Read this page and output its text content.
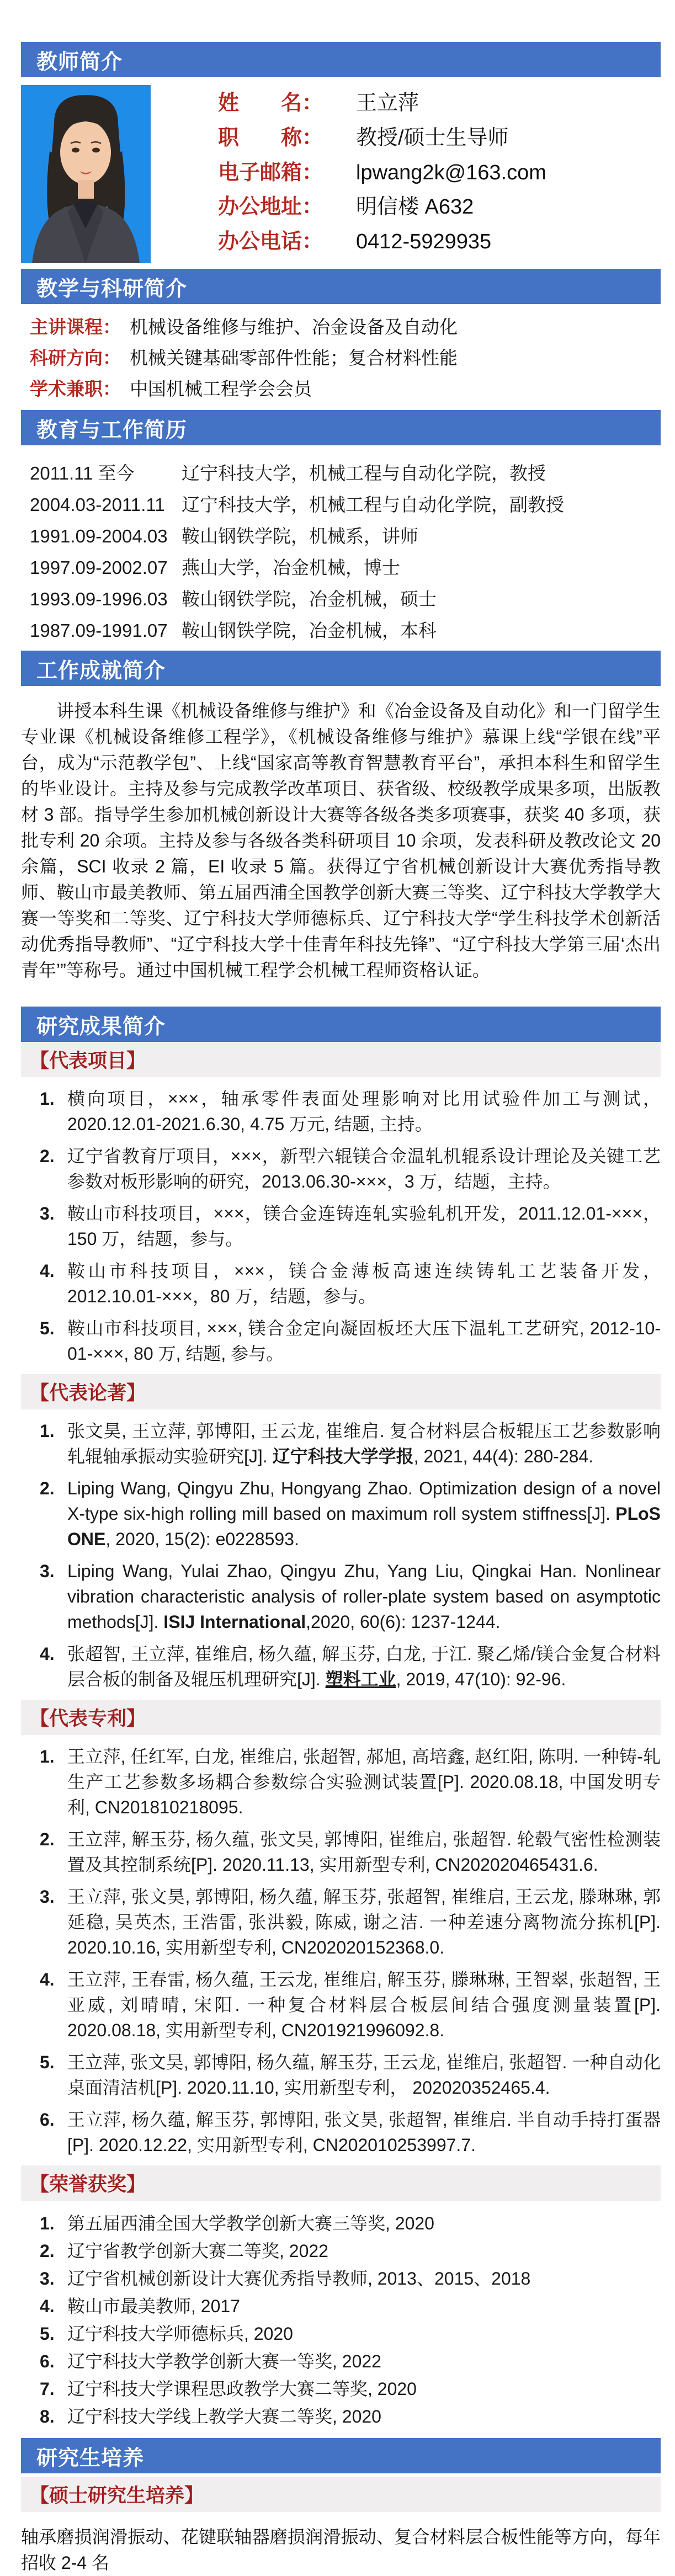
教师简介
姓　　名： 王立萍
职　　称： 教授/硕士生导师
电子邮箱： lpwang2k@163.com
办公地址： 明信楼 A632
办公电话： 0412-5929935
教学与科研简介
主讲课程： 机械设备维修与维护、冶金设备及自动化
科研方向： 机械关键基础零部件性能；复合材料性能
学术兼职： 中国机械工程学会会员
教育与工作简历
2011.11 至今	辽宁科技大学，机械工程与自动化学院，教授
2004.03-2011.11 辽宁科技大学，机械工程与自动化学院，副教授
1991.09-2004.03 鞍山钢铁学院，机械系，讲师
1997.09-2002.07 燕山大学，冶金机械，博士
1993.09-1996.03 鞍山钢铁学院，冶金机械，硕士
1987.09-1991.07 鞍山钢铁学院，冶金机械，本科
工作成就简介

讲授本科生课《机械设备维修与维护》和《冶金设备及自动化》和一门留学生专业课《机械设备维修工程学》，《机械设备维修与维护》慕课上线“学银在线”平台，成为“示范教学包”、上线“国家高等教育智慧教育平台”，承担本科生和留学生的毕业设计。主持及参与完成教学改革项目、获省级、校级教学成果多项，出版教材 3 部。指导学生参加机械创新设计大赛等各级各类多项赛事，获奖 40 多项，获批专利 20 余项。主持及参与各级各类科研项目 10 余项，发表科研及教改论文 20 余篇，SCI 收录 2 篇，EI 收录 5 篇。获得辽宁省机械创新设计大赛优秀指导教师、鞍山市最美教师、第五届西浦全国教学创新大赛三等奖、辽宁科技大学教学大赛一等奖和二等奖、辽宁科技大学师德标兵、辽宁科技大学“学生科技学术创新活动优秀指导教师”、“辽宁科技大学十佳青年科技先锋”、“辽宁科技大学第三届‘杰出青年’”等称号。通过中国机械工程学会机械工程师资格认证。

研究成果简介
【代表项目】
1. 横向项目，×××，轴承零件表面处理影响对比用试验件加工与测试，2020.12.01-2021.6.30, 4.75 万元, 结题, 主持。
2. 辽宁省教育厅项目，×××，新型六辊镁合金温轧机辊系设计理论及关键工艺参数对板形影响的研究，2013.06.30-×××，3 万，结题，主持。
3. 鞍山市科技项目，×××，镁合金连铸连轧实验轧机开发，2011.12.01-×××，150 万，结题，参与。
4. 鞍山市科技项目，×××，镁合金薄板高速连续铸轧工艺装备开发，2012.10.01-×××，80 万，结题，参与。
5. 鞍山市科技项目, ×××, 镁合金定向凝固板坯大压下温轧工艺研究, 2012-10-01-×××, 80 万, 结题, 参与。
【代表论著】
1. 张文昊, 王立萍, 郭博阳, 王云龙, 崔维启. 复合材料层合板辊压工艺参数影响轧辊轴承振动实验研究[J]. 辽宁科技大学学报, 2021, 44(4): 280-284.
2. Liping Wang, Qingyu Zhu, Hongyang Zhao. Optimization design of a novel X-type six-high rolling mill based on maximum roll system stiffness[J]. PLoS ONE, 2020, 15(2): e0228593.
3. Liping Wang, Yulai Zhao, Qingyu Zhu, Yang Liu, Qingkai Han. Nonlinear vibration characteristic analysis of roller-plate system based on asymptotic methods[J]. ISIJ International,2020, 60(6): 1237-1244.
4. 张超智, 王立萍, 崔维启, 杨久蕴, 解玉芬, 白龙, 于江. 聚乙烯/镁合金复合材料层合板的制备及辊压机理研究[J]. 塑料工业, 2019, 47(10): 92-96.
【代表专利】
1. 王立萍, 任红军, 白龙, 崔维启, 张超智, 郝旭, 高培鑫, 赵红阳, 陈明. 一种铸-轧生产工艺参数多场耦合参数综合实验测试装置[P]. 2020.08.18, 中国发明专利, CN201810218095.
2. 王立萍, 解玉芬, 杨久蕴, 张文昊, 郭博阳, 崔维启, 张超智. 轮毂气密性检测装置及其控制系统[P]. 2020.11.13, 实用新型专利, CN202020465431.6.
3. 王立萍, 张文昊, 郭博阳, 杨久蕴, 解玉芬, 张超智, 崔维启, 王云龙, 滕琳琳, 郭延稳, 吴英杰, 王浩雷, 张洪毅, 陈威, 谢之洁. 一种差速分离物流分拣机[P]. 2020.10.16, 实用新型专利, CN202020152368.0.
4. 王立萍, 王春雷, 杨久蕴, 王云龙, 崔维启, 解玉芬, 滕琳琳, 王智翠, 张超智, 王亚威, 刘晴晴, 宋阳. 一种复合材料层合板层间结合强度测量装置[P]. 2020.08.18, 实用新型专利, CN201921996092.8.
5. 王立萍, 张文昊, 郭博阳, 杨久蕴, 解玉芬, 王云龙, 崔维启, 张超智. 一种自动化桌面清洁机[P]. 2020.11.10, 实用新型专利， 202020352465.4.
6. 王立萍, 杨久蕴, 解玉芬, 郭博阳, 张文昊, 张超智, 崔维启. 半自动手持打蛋器[P]. 2020.12.22, 实用新型专利, CN202010253997.7.
【荣誉获奖】
1. 第五届西浦全国大学教学创新大赛三等奖, 2020
2. 辽宁省教学创新大赛二等奖, 2022
3. 辽宁省机械创新设计大赛优秀指导教师, 2013、2015、2018
4. 鞍山市最美教师, 2017
5. 辽宁科技大学师德标兵, 2020
6. 辽宁科技大学教学创新大赛一等奖, 2022
7. 辽宁科技大学课程思政教学大赛二等奖, 2020
8. 辽宁科技大学线上教学大赛二等奖, 2020
研究生培养
【硕士研究生培养】

轴承磨损润滑振动、花键联轴器磨损润滑振动、复合材料层合板性能等方向，每年招收 2-4 名
